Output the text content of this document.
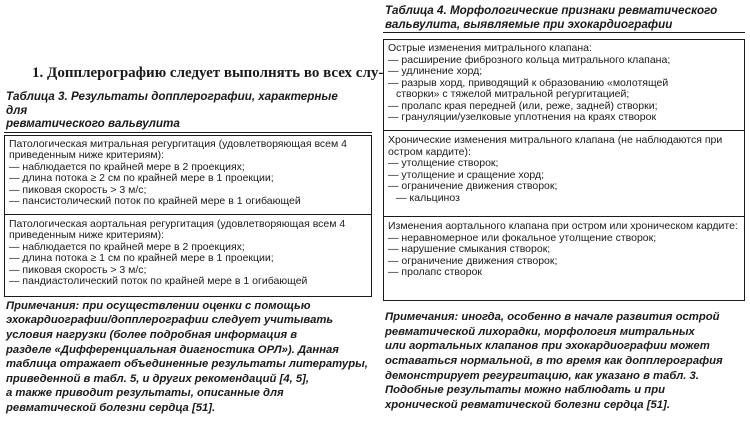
1. Допплерографию следует выполнять во всех слу-

Таблица 3. Результаты допплерографии, характерные для

ревматического вальвулита

Патологическая митральная регургитация (удовлетворяющая всем 4 приведенным ниже критериям):
— наблюдается по крайней мере в 2 проекциях;
— длина потока ≥ 2 см по крайней мере в 1 проекции;
— пиковая скорость > 3 м/с;
— пансистолический поток по крайней мере в 1 огибающей
Патологическая аортальная регургитация (удовлетворяющая всем 4 приведенным ниже критериям):
— наблюдается по крайней мере в 2 проекциях;
— длина потока ≥ 1 см по крайней мере в 1 проекции;
— пиковая скорость > 3 м/с;
— пандиастолический поток по крайней мере в 1 огибающей

Примечания: при осуществлении оценки с помощью

эхокардиографии/допплерографии следует учитывать

условия нагрузки (более подробная информация в

разделе «Дифференциальная диагностика ОРЛ»). Данная

таблица отражает объединенные результаты литературы,

приведенной в табл. 5, и других рекомендаций [4, 5],

а также приводит результаты, описанные для

ревматической болезни сердца [51].

Таблица 4. Морфологические признаки ревматического

вальвулита, выявляемые при эхокардиографии

Острые изменения митрального клапана:
— расширение фиброзного кольца митрального клапана;
— удлинение хорд;
— разрыв хорд, приводящий к образованию «молотящей
створки» с тяжелой митральной регургитацией;
— пролапс края передней (или, реже, задней) створки;
— грануляции/узелковые уплотнения на краях створок
Хронические изменения митрального клапана (не наблюдаются при остром кардите):
— утолщение створок;
— утолщение и сращение хорд;
— ограничение движения створок;
— кальциноз
Изменения аортального клапана при остром или хроническом кардите:
— неравномерное или фокальное утолщение створок;
— нарушение смыкания створок;
— ограничение движения створок;
— пролапс створок

Примечания: иногда, особенно в начале развития острой

ревматической лихорадки, морфология митральных

или аортальных клапанов при эхокардиографии может

оставаться нормальной, в то время как допплерография

демонстрирует регургитацию, как указано в табл. 3.

Подобные результаты можно наблюдать и при

хронической ревматической болезни сердца [51].
